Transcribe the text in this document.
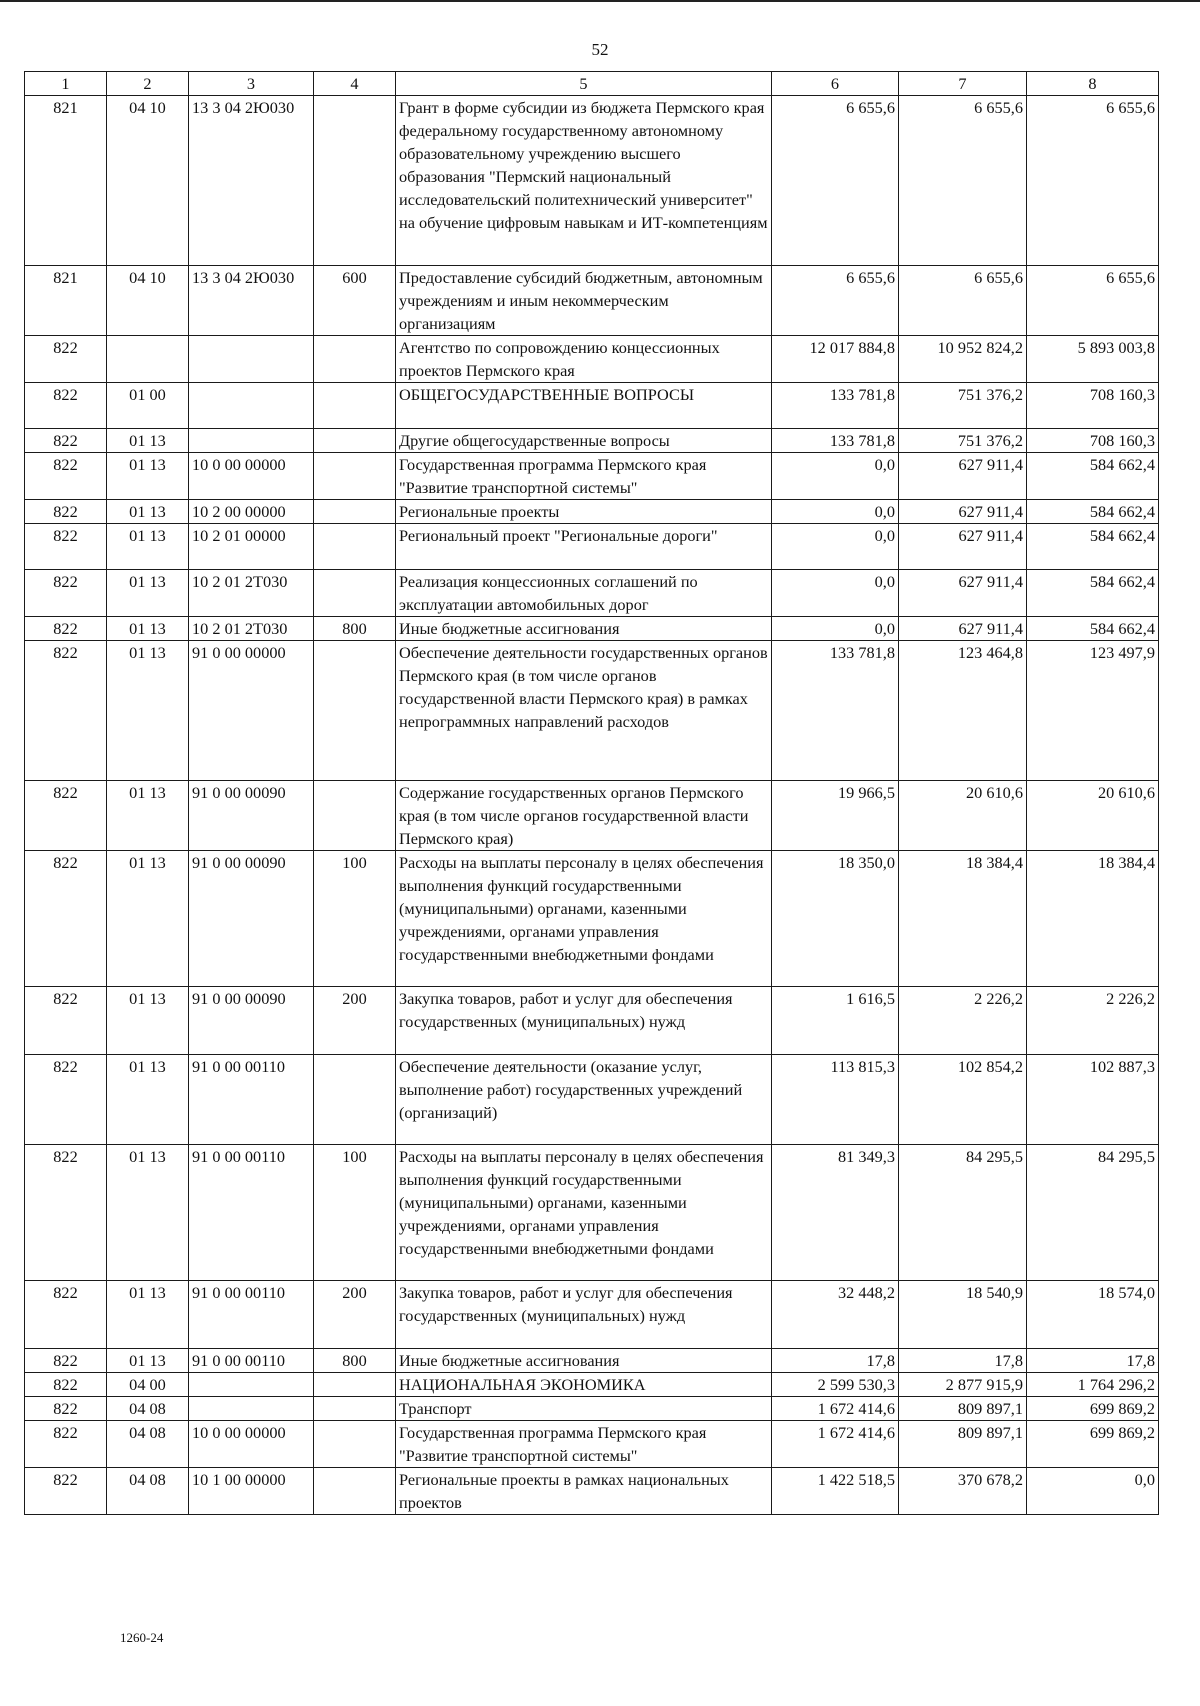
52
1	2	3	4	5	6	7	8
821	04 10	13 3 04 2Ю030		Грант в форме субсидии из бюджета Пермского края федеральному государственному автономному образовательному учреждению высшего образования "Пермский национальный исследовательский политехнический университет" на обучение цифровым навыкам и ИТ-компетенциям	6 655,6	6 655,6	6 655,6
821	04 10	13 3 04 2Ю030	600	Предоставление субсидий бюджетным, автономным учреждениям и иным некоммерческим организациям	6 655,6	6 655,6	6 655,6
822				Агентство по сопровождению концессионных проектов Пермского края	12 017 884,8	10 952 824,2	5 893 003,8
822	01 00			ОБЩЕГОСУДАРСТВЕННЫЕ ВОПРОСЫ	133 781,8	751 376,2	708 160,3
822	01 13			Другие общегосударственные вопросы	133 781,8	751 376,2	708 160,3
822	01 13	10 0 00 00000		Государственная программа Пермского края "Развитие транспортной системы"	0,0	627 911,4	584 662,4
822	01 13	10 2 00 00000		Региональные проекты	0,0	627 911,4	584 662,4
822	01 13	10 2 01 00000		Региональный проект "Региональные дороги"	0,0	627 911,4	584 662,4
822	01 13	10 2 01 2Т030		Реализация концессионных соглашений по эксплуатации автомобильных дорог	0,0	627 911,4	584 662,4
822	01 13	10 2 01 2Т030	800	Иные бюджетные ассигнования	0,0	627 911,4	584 662,4
822	01 13	91 0 00 00000		Обеспечение деятельности государственных органов Пермского края (в том числе органов государственной власти Пермского края) в рамках непрограммных направлений расходов	133 781,8	123 464,8	123 497,9
822	01 13	91 0 00 00090		Содержание государственных органов Пермского края (в том числе органов государственной власти Пермского края)	19 966,5	20 610,6	20 610,6
822	01 13	91 0 00 00090	100	Расходы на выплаты персоналу в целях обеспечения выполнения функций государственными (муниципальными) органами, казенными учреждениями, органами управления государственными внебюджетными фондами	18 350,0	18 384,4	18 384,4
822	01 13	91 0 00 00090	200	Закупка товаров, работ и услуг для обеспечения государственных (муниципальных) нужд	1 616,5	2 226,2	2 226,2
822	01 13	91 0 00 00110		Обеспечение деятельности (оказание услуг, выполнение работ) государственных учреждений (организаций)	113 815,3	102 854,2	102 887,3
822	01 13	91 0 00 00110	100	Расходы на выплаты персоналу в целях обеспечения выполнения функций государственными (муниципальными) органами, казенными учреждениями, органами управления государственными внебюджетными фондами	81 349,3	84 295,5	84 295,5
822	01 13	91 0 00 00110	200	Закупка товаров, работ и услуг для обеспечения государственных (муниципальных) нужд	32 448,2	18 540,9	18 574,0
822	01 13	91 0 00 00110	800	Иные бюджетные ассигнования	17,8	17,8	17,8
822	04 00			НАЦИОНАЛЬНАЯ ЭКОНОМИКА	2 599 530,3	2 877 915,9	1 764 296,2
822	04 08			Транспорт	1 672 414,6	809 897,1	699 869,2
822	04 08	10 0 00 00000		Государственная программа Пермского края "Развитие транспортной системы"	1 672 414,6	809 897,1	699 869,2
822	04 08	10 1 00 00000		Региональные проекты в рамках национальных проектов	1 422 518,5	370 678,2	0,0
1260-24
